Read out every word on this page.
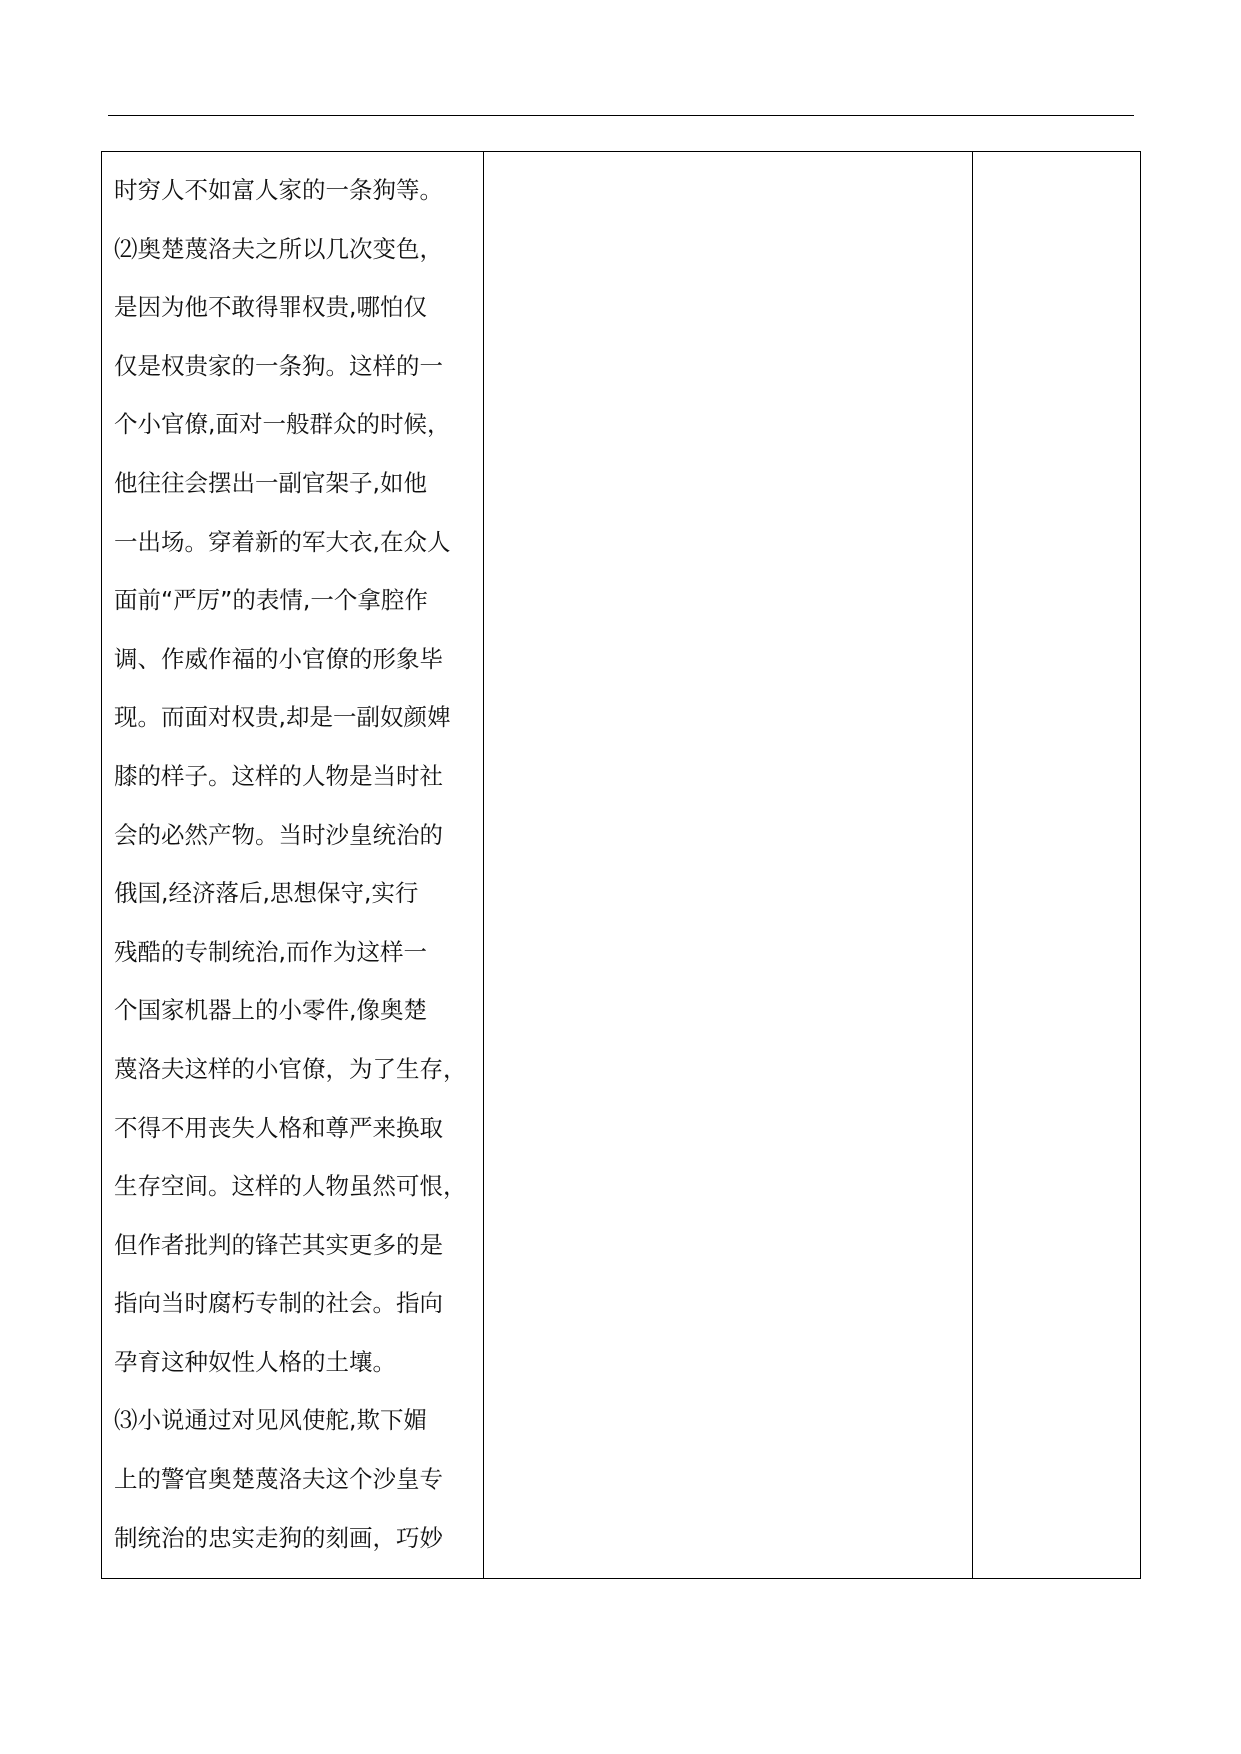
时穷人不如富人家的一条狗等。
⑵奥楚蔑洛夫之所以几次变色，
是因为他不敢得罪权贵,哪怕仅
仅是权贵家的一条狗。这样的一
个小官僚,面对一般群众的时候，
他往往会摆出一副官架子,如他
一出场。穿着新的军大衣,在众人
面前“严厉”的表情,一个拿腔作
调、作威作福的小官僚的形象毕
现。而面对权贵,却是一副奴颜婢
膝的样子。这样的人物是当时社
会的必然产物。当时沙皇统治的
俄国,经济落后,思想保守,实行
残酷的专制统治,而作为这样一
个国家机器上的小零件,像奥楚
蔑洛夫这样的小官僚，为了生存，
不得不用丧失人格和尊严来换取
生存空间。这样的人物虽然可恨，
但作者批判的锋芒其实更多的是
指向当时腐朽专制的社会。指向
孕育这种奴性人格的土壤。
⑶小说通过对见风使舵,欺下媚
上的警官奥楚蔑洛夫这个沙皇专
制统治的忠实走狗的刻画，巧妙
